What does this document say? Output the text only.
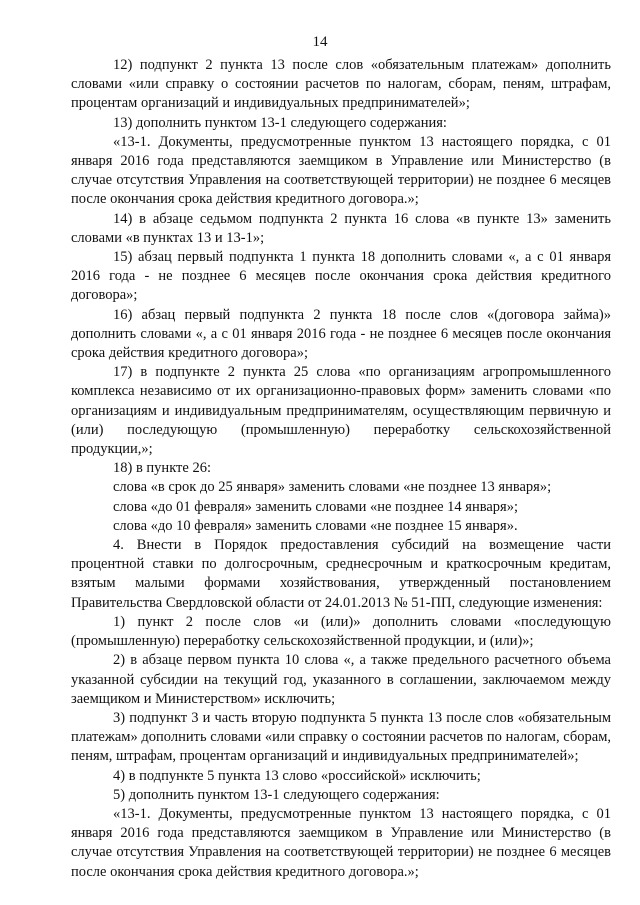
14

12) подпункт 2 пункта 13 после слов «обязательным платежам» дополнить словами «или справку о состоянии расчетов по налогам, сборам, пеням, штрафам, процентам организаций и индивидуальных предпринимателей»;

13) дополнить пунктом 13-1 следующего содержания:

«13-1. Документы, предусмотренные пунктом 13 настоящего порядка, с 01 января 2016 года представляются заемщиком в Управление или Министерство (в случае отсутствия Управления на соответствующей территории) не позднее 6 месяцев после окончания срока действия кредитного договора.»;

14) в абзаце седьмом подпункта 2 пункта 16 слова «в пункте 13» заменить словами «в пунктах 13 и 13-1»;

15) абзац первый подпункта 1 пункта 18 дополнить словами «, а с 01 января 2016 года - не позднее 6 месяцев после окончания срока действия кредитного договора»;

16) абзац первый подпункта 2 пункта 18 после слов «(договора займа)» дополнить словами «, а с 01 января 2016 года - не позднее 6 месяцев после окончания срока действия кредитного договора»;

17) в подпункте 2 пункта 25 слова «по организациям агропромышленного комплекса независимо от их организационно-правовых форм» заменить словами «по организациям и индивидуальным предпринимателям, осуществляющим первичную и (или) последующую (промышленную) переработку сельскохозяйственной продукции,»;

18) в пункте 26:

слова «в срок до 25 января» заменить словами «не позднее 13 января»;

слова «до 01 февраля» заменить словами «не позднее 14 января»;

слова «до 10 февраля» заменить словами «не позднее 15 января».

4. Внести в Порядок предоставления субсидий на возмещение части процентной ставки по долгосрочным, среднесрочным и краткосрочным кредитам, взятым малыми формами хозяйствования, утвержденный постановлением Правительства Свердловской области от 24.01.2013 № 51-ПП, следующие изменения:

1) пункт 2 после слов «и (или)» дополнить словами «последующую (промышленную) переработку сельскохозяйственной продукции, и (или)»;

2) в абзаце первом пункта 10 слова «, а также предельного расчетного объема указанной субсидии на текущий год, указанного в соглашении, заключаемом между заемщиком и Министерством» исключить;

3) подпункт 3 и часть вторую подпункта 5 пункта 13 после слов «обязательным платежам» дополнить словами «или справку о состоянии расчетов по налогам, сборам, пеням, штрафам, процентам организаций и индивидуальных предпринимателей»;

4) в подпункте 5 пункта 13 слово «российской» исключить;

5) дополнить пунктом 13-1 следующего содержания:

«13-1. Документы, предусмотренные пунктом 13 настоящего порядка, с 01 января 2016 года представляются заемщиком в Управление или Министерство (в случае отсутствия Управления на соответствующей территории) не позднее 6 месяцев после окончания срока действия кредитного договора.»;
